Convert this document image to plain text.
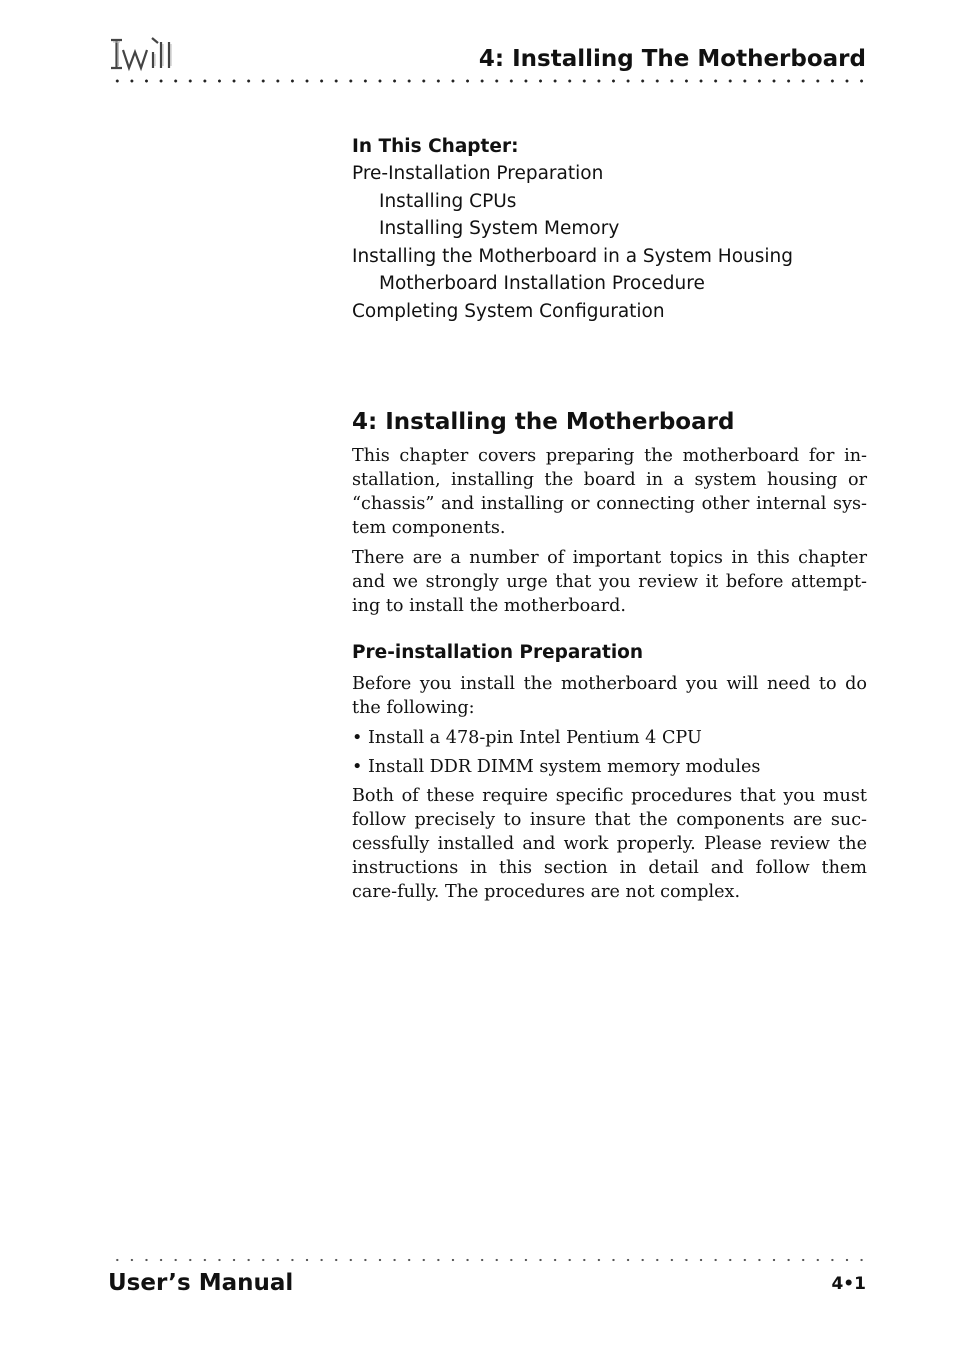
4: Installing The Motherboard
In This Chapter:
Pre-Installation Preparation
Installing CPUs
Installing System Memory
Installing the Motherboard in a System Housing
Motherboard Installation Procedure
Completing System Configuration
4: Installing the Motherboard

This chapter covers preparing the motherboard for in-stallation, installing the board in a system housing or “chassis” and installing or connecting other internal sys-tem components.

There are a number of important topics in this chapter and we strongly urge that you review it before attempt-ing to install the motherboard.

Pre-installation Preparation

Before you install the motherboard you will need to do the following:

• Install a 478-pin Intel Pentium 4 CPU
• Install DDR DIMM system memory modules

Both of these require specific procedures that you must follow precisely to insure that the components are suc-cessfully installed and work properly. Please review the instructions in this section in detail and follow them care-fully. The procedures are not complex.

User’s Manual	4•1
